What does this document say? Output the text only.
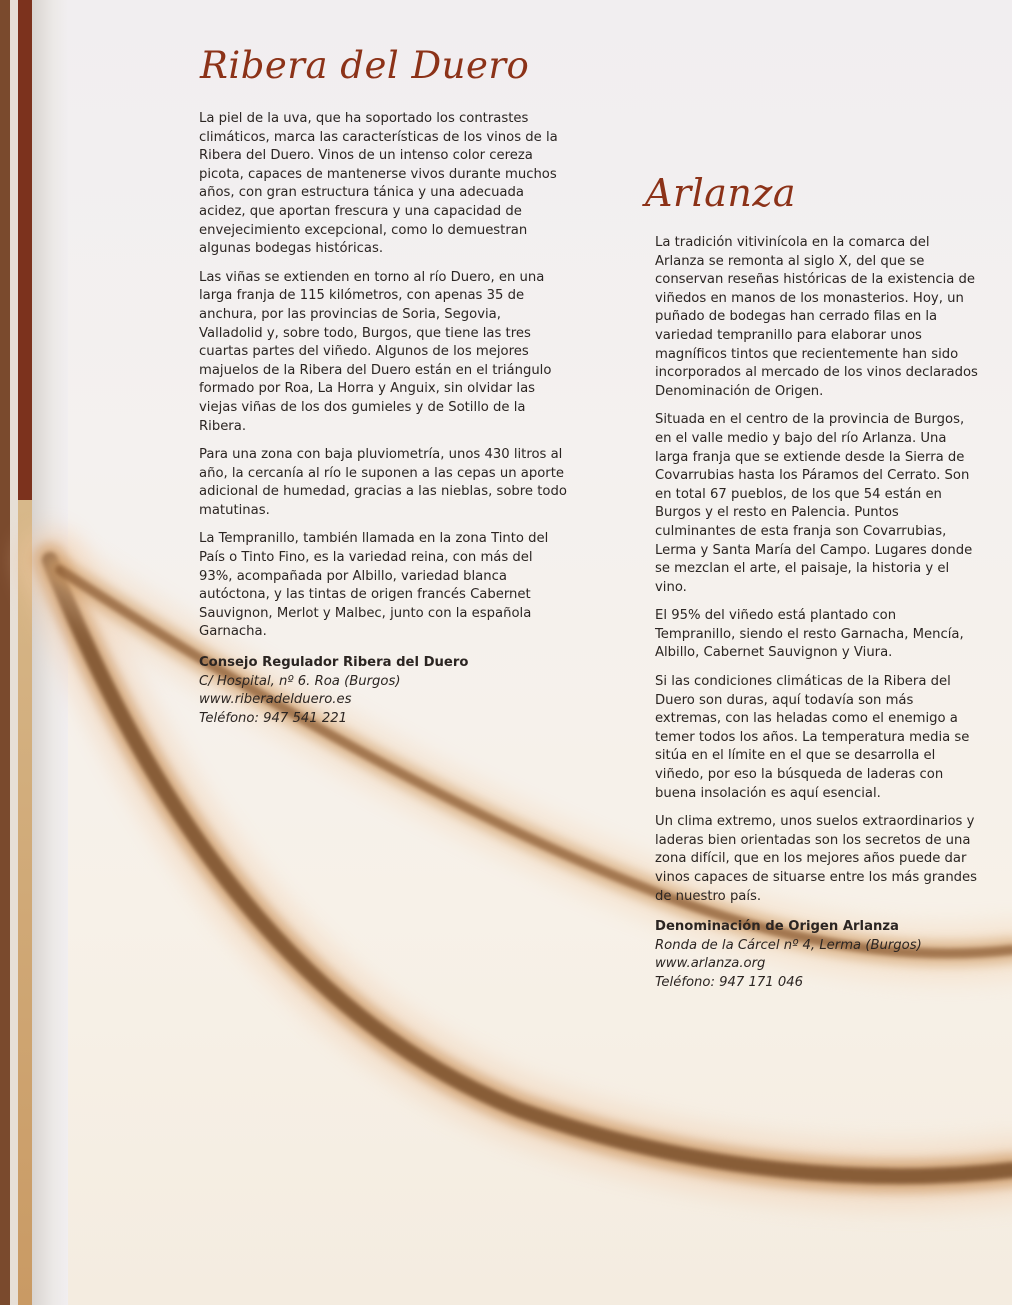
Ribera del Duero

La piel de la uva, que ha soportado los contrastes climáticos, marca las características de los vinos de la Ribera del Duero. Vinos de un intenso color cereza picota, capaces de mantenerse vivos durante muchos años, con gran estructura tánica y una adecuada acidez, que aportan frescura y una capacidad de envejecimiento excepcional, como lo demuestran algunas bodegas históricas.

Las viñas se extienden en torno al río Duero, en una larga franja de 115 kilómetros, con apenas 35 de anchura, por las provincias de Soria, Segovia, Valladolid y, sobre todo, Burgos, que tiene las tres cuartas partes del viñedo. Algunos de los mejores majuelos de la Ribera del Duero están en el triángulo formado por Roa, La Horra y Anguix, sin olvidar las viejas viñas de los dos gumieles y de Sotillo de la Ribera.

Para una zona con baja pluviometría, unos 430 litros al año, la cercanía al río le suponen a las cepas un aporte adicional de humedad, gracias a las nieblas, sobre todo matutinas.

La Tempranillo, también llamada en la zona Tinto del País o Tinto Fino, es la variedad reina, con más del 93%, acompañada por Albillo, variedad blanca autóctona, y las tintas de origen francés Cabernet Sauvignon, Merlot y Malbec, junto con la española Garnacha.

Consejo Regulador Ribera del Duero
C/ Hospital, nº 6. Roa (Burgos)
www.riberadelduero.es
Teléfono: 947 541 221
Arlanza

La tradición vitivinícola en la comarca del Arlanza se remonta al siglo X, del que se conservan reseñas históricas de la existencia de viñedos en manos de los monasterios. Hoy, un puñado de bodegas han cerrado filas en la variedad tempranillo para elaborar unos magníficos tintos que recientemente han sido incorporados al mercado de los vinos declarados Denominación de Origen.

Situada en el centro de la provincia de Burgos, en el valle medio y bajo del río Arlanza. Una larga franja que se extiende desde la Sierra de Covarrubias hasta los Páramos del Cerrato. Son en total 67 pueblos, de los que 54 están en Burgos y el resto en Palencia. Puntos culminantes de esta franja son Covarrubias, Lerma y Santa María del Campo. Lugares donde se mezclan el arte, el paisaje, la historia y el vino.

El 95% del viñedo está plantado con Tempranillo, siendo el resto Garnacha, Mencía, Albillo, Cabernet Sauvignon y Viura.

Si las condiciones climáticas de la Ribera del Duero son duras, aquí todavía son más extremas, con las heladas como el enemigo a temer todos los años. La temperatura media se sitúa en el límite en el que se desarrolla el viñedo, por eso la búsqueda de laderas con buena insolación es aquí esencial.

Un clima extremo, unos suelos extraordinarios y laderas bien orientadas son los secretos de una zona difícil, que en los mejores años puede dar vinos capaces de situarse entre los más grandes de nuestro país.

Denominación de Origen Arlanza
Ronda de la Cárcel nº 4, Lerma (Burgos)
www.arlanza.org
Teléfono: 947 171 046
